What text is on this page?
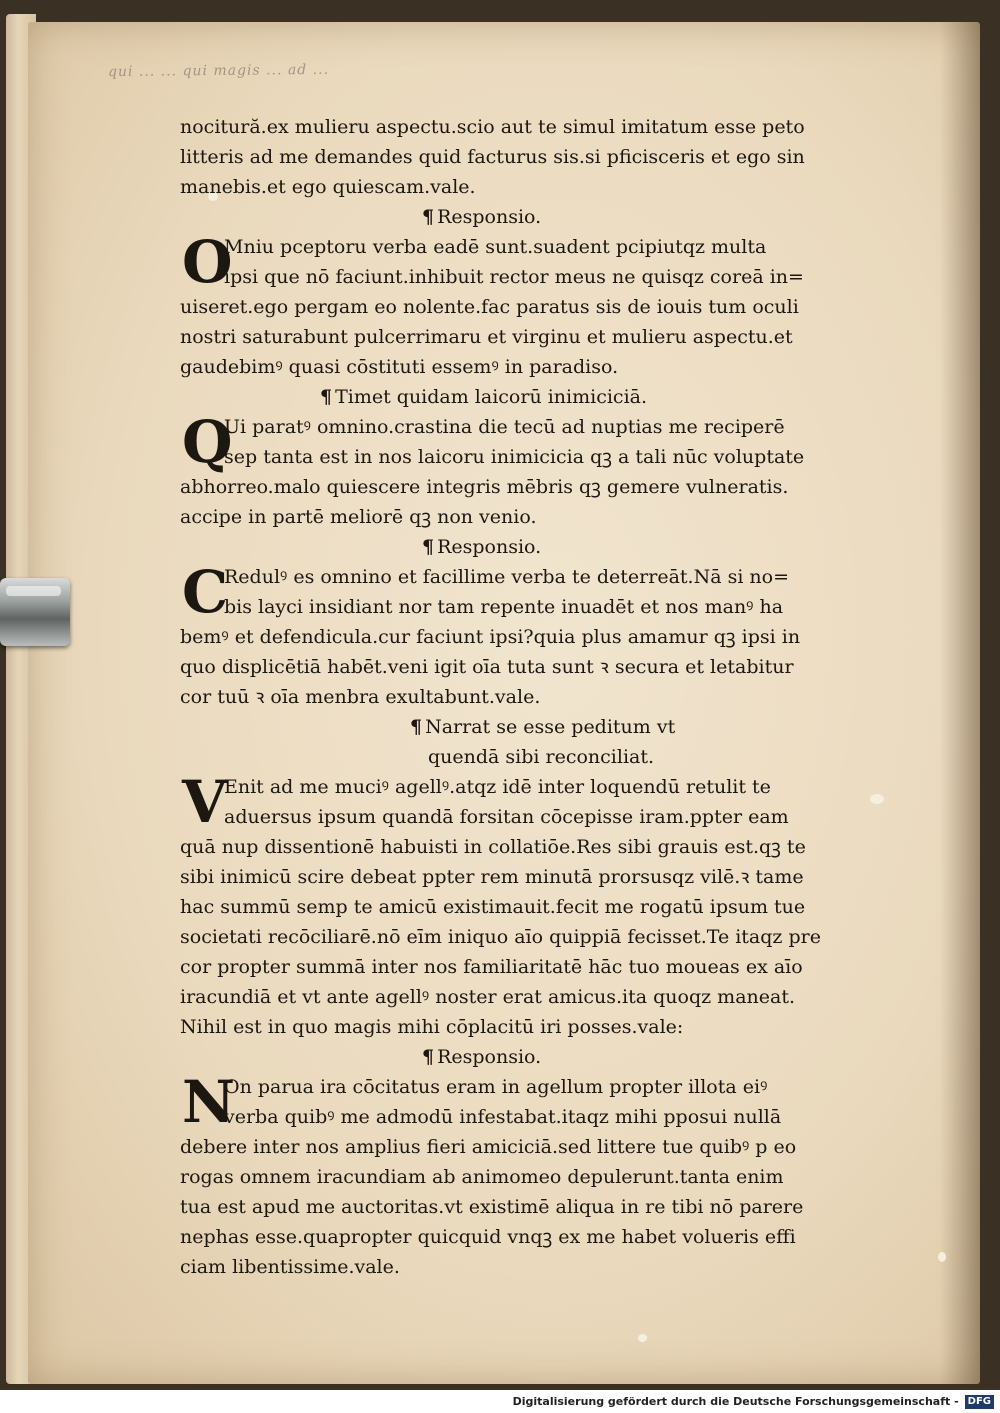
qui ... ... qui magis ... ad ...
nocitură.ex mulieru aspectu.scio aut te simul imitatum esse peto
litteris ad me demandes quid facturus sis.si pficisceris et ego sin
manebis.et ego quiescam.vale.
¶ Responsio.
O
Mniu pceptoru verba eadē sunt.suadent pcipiutqz multa
ipsi que nō faciunt.inhibuit rector meus ne quisqz coreā in=
uiseret.ego pergam eo nolente.fac paratus sis de iouis tum oculi
nostri saturabunt pulcerrimaru et virginu et mulieru aspectu.et
gaudebimꝰ quasi cōstituti essemꝰ in paradiso.
¶ Timet quidam laicorū inimiciciā.
Q
Ui paratꝰ omnino.crastina die tecū ad nuptias me reciperē
sep tanta est in nos laicoru inimicicia qꝫ a tali nūc voluptate
abhorreo.malo quiescere integris mēbris qꝫ gemere vulneratis.
accipe in partē meliorē qꝫ non venio.
¶ Responsio.
C
Redulꝰ es omnino et facillime verba te deterreāt.Nā si no=
bis layci insidiant nor tam repente inuadēt et nos manꝰ ha
bemꝰ et defendicula.cur faciunt ipsi?quia plus amamur qꝫ ipsi in
quo displicētiā habēt.veni igit oīa tuta sunt ꝛ secura et letabitur
cor tuū ꝛ oīa menbra exultabunt.vale.
¶ Narrat se esse peditum vt
quendā sibi reconciliat.
V
Enit ad me muciꝰ agellꝰ.atqz idē inter loquendū retulit te
aduersus ipsum quandā forsitan cōcepisse iram.ppter eam
quā nup dissentionē habuisti in collatiōe.Res sibi grauis est.qꝫ te
sibi inimicū scire debeat ppter rem minutā prorsusqz vilē.ꝛ tame
hac summū semp te amicū existimauit.fecit me rogatū ipsum tue
societati recōciliarē.nō eīm iniquo aīo quippiā fecisset.Te itaqz pre
cor propter summā inter nos familiaritatē hāc tuo moueas ex aīo
iracundiā et vt ante agellꝰ noster erat amicus.ita quoqz maneat.
Nihil est in quo magis mihi cōplacitū iri posses.vale:
¶ Responsio.
N
On parua ira cōcitatus eram in agellum propter illota eiꝰ
verba quibꝰ me admodū infestabat.itaqz mihi pposui nullā
debere inter nos amplius fieri amiciciā.sed littere tue quibꝰ p eo
rogas omnem iracundiam ab animomeo depulerunt.tanta enim
tua est apud me auctoritas.vt existimē aliqua in re tibi nō parere
nephas esse.quapropter quicquid vnqꝫ ex me habet volueris effi
ciam libentissime.vale.
Digitalisierung gefördert durch die Deutsche Forschungsgemeinschaft - DFG
